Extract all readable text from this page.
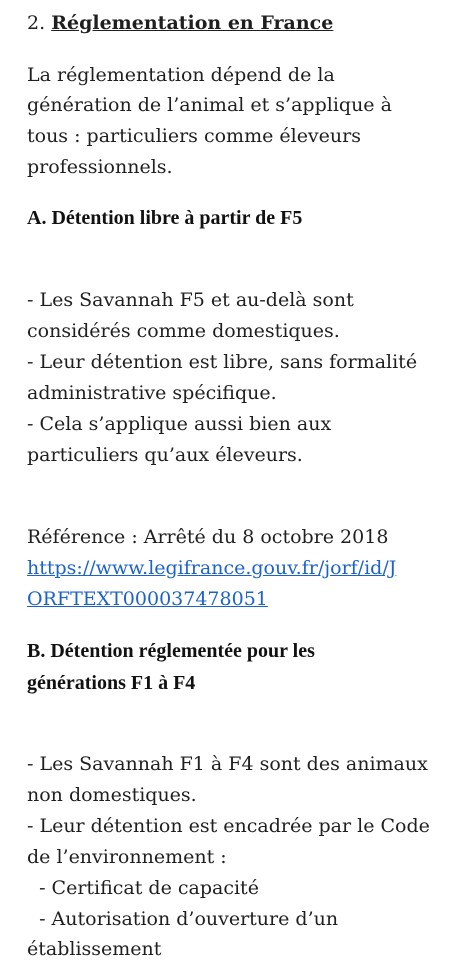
2. Réglementation en France
La réglementation dépend de la
génération de l’animal et s’applique à
tous : particuliers comme éleveurs
professionnels.
A. Détention libre à partir de F5
- Les Savannah F5 et au-delà sont
considérés comme domestiques.
- Leur détention est libre, sans formalité
administrative spécifique.
- Cela s’applique aussi bien aux
particuliers qu’aux éleveurs.
Référence : Arrêté du 8 octobre 2018
https://www.legifrance.gouv.fr/jorf/id/J
ORFTEXT000037478051
B. Détention réglementée pour les
générations F1 à F4
- Les Savannah F1 à F4 sont des animaux
non domestiques.
- Leur détention est encadrée par le Code
de l’environnement :
- Certificat de capacité
- Autorisation d’ouverture d’un
établissement
